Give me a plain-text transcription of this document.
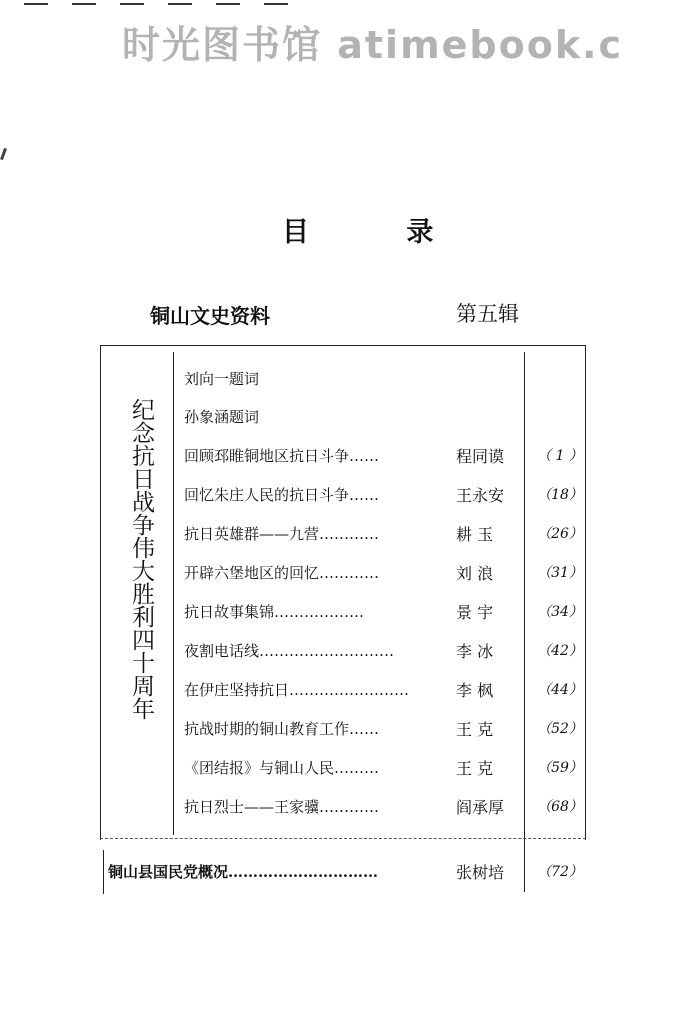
时光图书馆 atimebook.c
目 录
铜山文史资料	第五辑
纪念抗日战争伟大胜利四十周年
刘向一题词
孙象涵题词
回顾邳睢铜地区抗日斗争……	程同谟	（ 1 ）
回忆朱庄人民的抗日斗争……	王永安	（18）
抗日英雄群——九营…………	耕 玉	（26）
开辟六堡地区的回忆…………	刘 浪	（31）
抗日故事集锦………………	景 宇	（34）
夜割电话线………………………	李 冰	（42）
在伊庄坚持抗日……………………	李 枫	（44）
抗战时期的铜山教育工作……	王 克	（52）
《团结报》与铜山人民………	王 克	（59）
抗日烈士——王家骥…………	阎承厚	（68）
铜山县国民党概况…………………………	张树培	（72）
